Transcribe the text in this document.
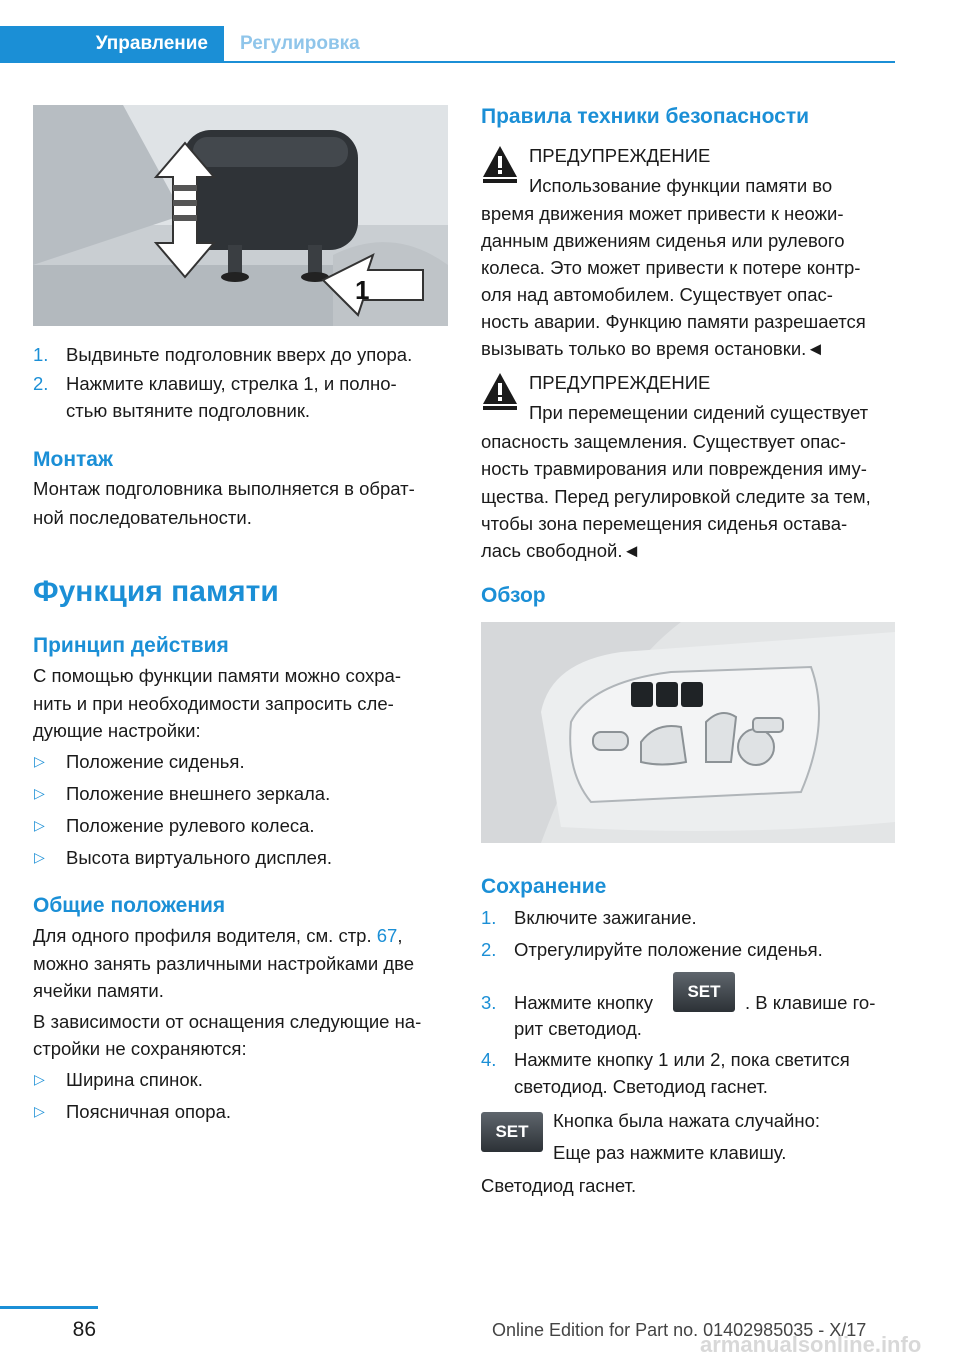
Управление	Регулировка
1
1. Выдвиньте подголовник вверх до упора.
2. Нажмите клавишу, стрелка 1, и полно-
стью вытяните подголовник.
Монтаж
Монтаж подголовника выполняется в обрат-
ной последовательности.
Функция памяти
Принцип действия
С помощью функции памяти можно сохра-
нить и при необходимости запросить сле-
дующие настройки:
▷ Положение сиденья.
▷ Положение внешнего зеркала.
▷ Положение рулевого колеса.
▷ Высота виртуального дисплея.
Общие положения
Для одного профиля водителя, см. стр. 67,
можно занять различными настройками две
ячейки памяти.
В зависимости от оснащения следующие на-
стройки не сохраняются:
▷ Ширина спинок.
▷ Поясничная опора.
Правила техники безопасности
ПРЕДУПРЕЖДЕНИЕ
Использование функции памяти во
время движения может привести к неожи-
данным движениям сиденья или рулевого
колеса. Это может привести к потере контр-
оля над автомобилем. Существует опас-
ность аварии. Функцию памяти разрешается
вызывать только во время остановки.◄
ПРЕДУПРЕЖДЕНИЕ
При перемещении сидений существует
опасность защемления. Существует опас-
ность травмирования или повреждения иму-
щества. Перед регулировкой следите за тем,
чтобы зона перемещения сиденья остава-
лась свободной.◄
Обзор
Сохранение
1. Включите зажигание.
2. Отрегулируйте положение сиденья.
3. Нажмите кнопку
SET
. В клавише го-
рит светодиод.
4. Нажмите кнопку 1 или 2, пока светится
светодиод. Светодиод гаснет.
SET
Кнопка была нажата случайно:
Еще раз нажмите клавишу.
Светодиод гаснет.
86
armanualsonline.info
Online Edition for Part no. 01402985035 - X/17
